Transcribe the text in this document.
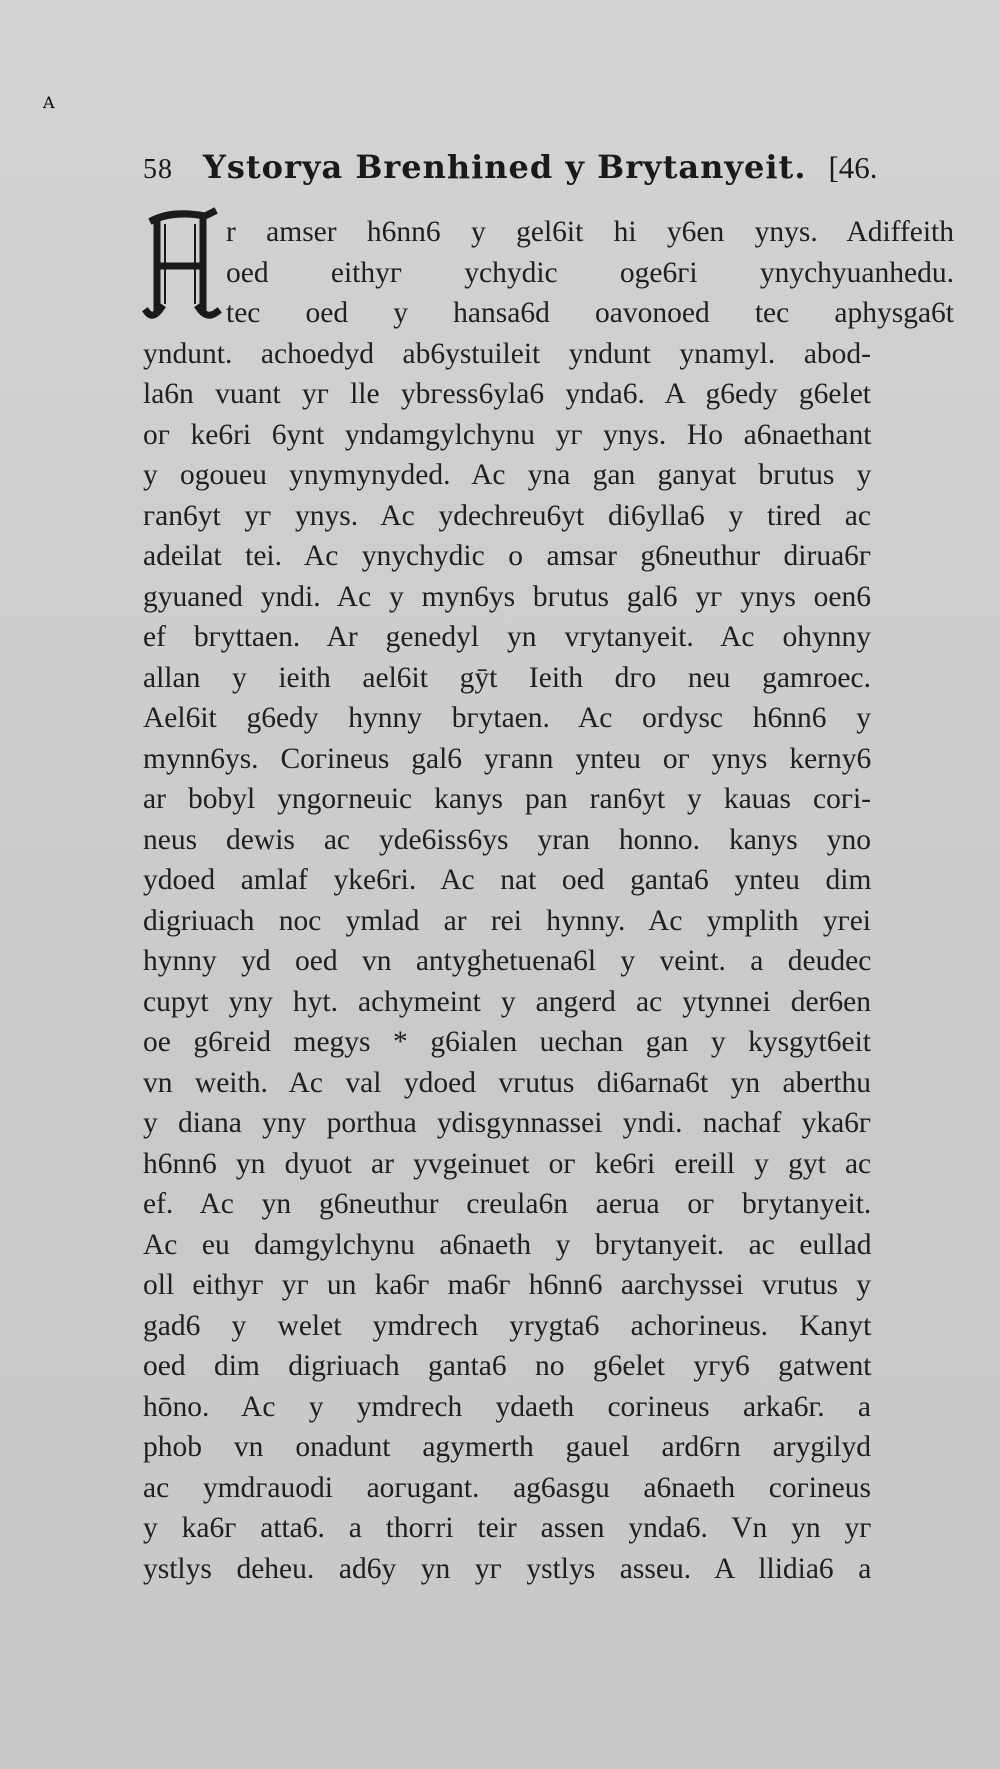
58 Ystorya Brenhined y Brytanyeit. [46.
A
r amser h6nn6 y gel6it hi y6en ynys. Adiffeith
oed eithyг ychydic oge6гi ynychyuanhedu.
tec oed y hansa6d oavonoed tec aphysga6t
yndunt. achoedyd ab6ystuileit yndunt ynamyl. abod-
la6n vuant yг lle ybгess6yla6 ynda6. A g6edy g6elet
oг ke6ri 6ynt yndamgylchynu yг ynys. Ho a6naethant
y ogoueu ynymynyded. Ac yna gan ganyat bгutus y
гan6yt yг ynys. Ac ydechreu6yt di6ylla6 y tired ac
adeilat tei. Ac ynychydic o amsar g6neuthur dirua6г
gyuaned yndi. Ac y myn6ys bгutus gal6 yг ynys oen6
ef bгyttaen. Ar genedyl yn vгytanyeit. Ac ohynny
allan y ieith ael6it gȳt Ieith dгo neu gamroec.
Ael6it g6edy hynny bгytaen. Ac oгdysc h6nn6 y
mynn6ys. Coгineus gal6 yгann ynteu oг ynys kerny6
ar bobyl yngoгneuic kanys pan ran6yt y kauas coгi-
neus dewis ac yde6iss6ys yran honno. kanys yno
ydoed amlaf yke6ri. Ac nat oed ganta6 ynteu dim
digriuach noc ymlad ar rei hynny. Ac ymplith yгei
hynny yd oed vn antyghetuena6l y veint. a deudec
cupyt yny hyt. achymeint y angerd ac ytynnei der6en
oe g6гeid megys * g6ialen uechan gan y kysgyt6eit
vn weith. Ac val ydoed vгutus di6arna6t yn aberthu
y diana yny porthua ydisgynnassei yndi. nachaf yka6г
h6nn6 yn dyuot ar yvgeinuet oг ke6ri ereill y gyt ac
ef. Ac yn g6neuthur creula6n aerua oг bгytanyeit.
Ac eu damgylchynu a6naeth y bгytanyeit. ac eullad
oll eithyг yг un ka6г ma6г h6nn6 aarchyssei vгutus y
gad6 y welet ymdгech yrygta6 achoгineus. Kanyt
oed dim digriuach ganta6 no g6elet yгy6 gatwent
hōno. Ac y ymdгech ydaeth coгineus arka6г. a
phob vn onadunt agymerth gauel ard6гn arygilyd
ac ymdгauodi aoгugant. ag6asgu a6naeth coгineus
y ka6г atta6. a thoгri teir assen ynda6. Vn yn yг
ystlys deheu. ad6y yn yг ystlys asseu. A llidia6 a
